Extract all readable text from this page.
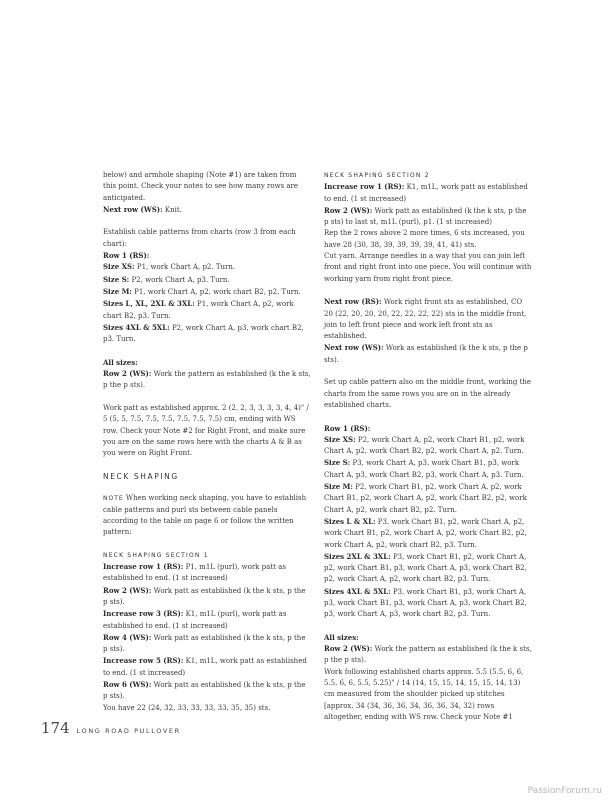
below) and armhole shaping (Note #1) are taken from this point. Check your notes to see how many rows are anticipated.

Next row (WS): Knit.

Establish cable patterns from charts (row 3 from each chart):

Row 1 (RS):

Size XS: P1, work Chart A, p2. Turn.

Size S: P2, work Chart A, p3. Turn.

Size M: P1, work Chart A, p2, work chart B2, p2. Turn.

Sizes L, XL, 2XL & 3XL: P1, work Chart A, p2, work chart B2, p3. Turn.

Sizes 4XL & 5XL: P2, work Chart A, p3, work chart B2, p3. Turn.

All sizes:

Row 2 (WS): Work the pattern as established (k the k sts, p the p sts).

Work patt as established approx. 2 (2, 2, 3, 3, 3, 3, 4, 4)" / 5 (5, 5, 7.5, 7.5, 7.5, 7.5, 7.5, 7.5) cm, ending with WS row. Check your Note #2 for Right Front, and make sure you are on the same rows here with the charts A & B as you were on Right Front.

NECK SHAPING

NOTE When working neck shaping, you have to establish cable patterns and purl sts between cable panels according to the table on page 6 or follow the written pattern:

NECK SHAPING SECTION 1

Increase row 1 (RS): P1, m1L (purl), work patt as established to end. (1 st increased)

Row 2 (WS): Work patt as established (k the k sts, p the p sts).

Increase row 3 (RS): K1, m1L (purl), work patt as established to end. (1 st increased)

Row 4 (WS): Work patt as established (k the k sts, p the p sts).

Increase row 5 (RS): K1, m1L, work patt as established to end. (1 st increased)

Row 6 (WS): Work patt as established (k the k sts, p the p sts).

You have 22 (24, 32, 33, 33, 33, 33, 35, 35) sts.

NECK SHAPING SECTION 2

Increase row 1 (RS): K1, m1L, work patt as established to end. (1 st increased)

Row 2 (WS): Work patt as established (k the k sts, p the p sts) to last st, m1L (purl), p1. (1 st increased)

Rep the 2 rows above 2 more times, 6 sts increased, you have 28 (30, 38, 39, 39, 39, 39, 41, 41) sts.

Cut yarn. Arrange needles in a way that you can join left front and right front into one piece. You will continue with working yarn from right front piece.

Next row (RS): Work right front sts as established, CO 20 (22, 20, 20, 20, 22, 22, 22, 22) sts in the middle front, join to left front piece and work left front sts as established.

Next row (WS): Work as established (k the k sts, p the p sts).

Set up cable pattern also on the middle front, working the charts from the same rows you are on in the already established charts.

Row 1 (RS):

Size XS: P2, work Chart A, p2, work Chart B1, p2, work Chart A, p2, work Chart B2, p2, work Chart A, p2. Turn.

Size S: P3, work Chart A, p3, work Chart B1, p3, work Chart A, p3, work Chart B2, p3, work Chart A, p3. Turn.

Size M: P2, work Chart B1, p2, work Chart A, p2, work Chart B1, p2, work Chart A, p2, work Chart B2, p2, work Chart A, p2, work chart B2, p2. Turn.

Sizes L & XL: P3, work Chart B1, p2, work Chart A, p2, work Chart B1, p2, work Chart A, p2, work Chart B2, p2, work Chart A, p2, work chart B2, p3. Turn.

Sizes 2XL & 3XL: P3, work Chart B1, p2, work Chart A, p2, work Chart B1, p3, work Chart A, p3, work Chart B2, p2, work Chart A, p2, work chart B2, p3. Turn.

Sizes 4XL & 5XL: P3, work Chart B1, p3, work Chart A, p3, work Chart B1, p3, work Chart A, p3, work Chart B2, p3, work Chart A, p3, work chart B2, p3. Turn.

All sizes:

Row 2 (WS): Work the pattern as established (k the k sts, p the p sts).

Work following established charts approx. 5.5 (5.5, 6, 6, 5.5, 6, 6, 5.5, 5.25)" / 14 (14, 15, 15, 14, 15, 15, 14, 13) cm measured from the shoulder picked up stitches [approx. 34 (34, 36, 36, 34, 36, 36, 34, 32) rows altogether, ending with WS row. Check your Note #1

174 LONG ROAD PULLOVER
PassionForum.ru
